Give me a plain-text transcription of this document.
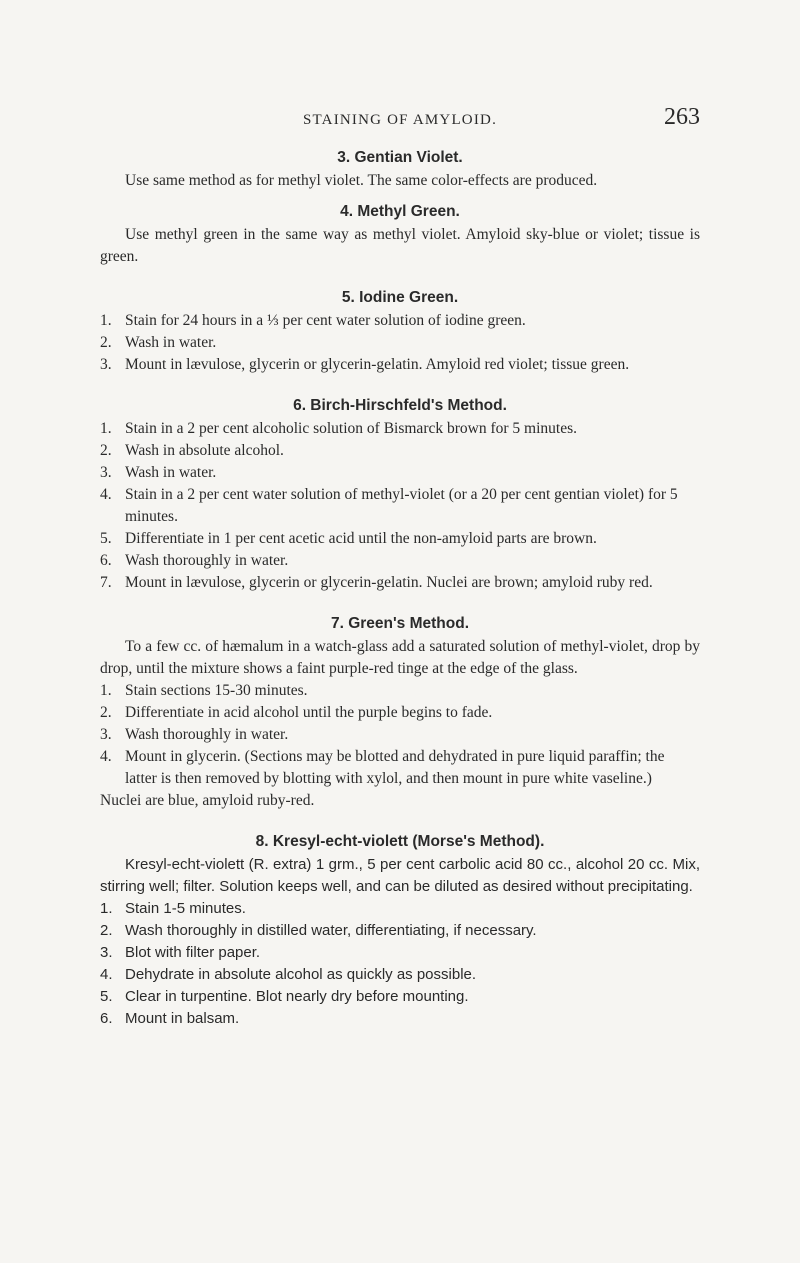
STAINING OF AMYLOID.	263
3. Gentian Violet.

Use same method as for methyl violet. The same color-effects are produced.

4. Methyl Green.

Use methyl green in the same way as methyl violet. Amyloid sky-blue or violet; tissue is green.

5. Iodine Green.
1 .	Stain for 24 hours in a ⅓ per cent water solution of iodine green.
2 .	Wash in water.
3 .	Mount in lævulose, glycerin or glycerin-gelatin. Amyloid red violet; tissue green.
6. Birch-Hirschfeld's Method.
1 .	Stain in a 2 per cent alcoholic solution of Bismarck brown for 5 minutes.
2 .	Wash in absolute alcohol.
3 .	Wash in water.
4 .	Stain in a 2 per cent water solution of methyl-violet (or a 20 per cent gentian violet) for 5 minutes.
5 .	Differentiate in 1 per cent acetic acid until the non-amyloid parts are brown.
6 .	Wash thoroughly in water.
7 .	Mount in lævulose, glycerin or glycerin-gelatin. Nuclei are brown; amyloid ruby red.
7. Green's Method.

To a few cc. of hæmalum in a watch-glass add a saturated solution of methyl-violet, drop by drop, until the mixture shows a faint purple-red tinge at the edge of the glass.

1 .	Stain sections 15-30 minutes.
2 .	Differentiate in acid alcohol until the purple begins to fade.
3 .	Wash thoroughly in water.
4 .	Mount in glycerin. (Sections may be blotted and dehydrated in pure liquid paraffin; the latter is then removed by blotting with xylol, and then mount in pure white vaseline.)

Nuclei are blue, amyloid ruby-red.

8. Kresyl-echt-violett (Morse's Method).

Kresyl-echt-violett (R. extra) 1 grm., 5 per cent carbolic acid 80 cc., alcohol 20 cc. Mix, stirring well; filter. Solution keeps well, and can be diluted as desired without precipitating.

1 .	Stain 1-5 minutes.
2 .	Wash thoroughly in distilled water, differentiating, if necessary.
3 .	Blot with filter paper.
4 .	Dehydrate in absolute alcohol as quickly as possible.
5 .	Clear in turpentine. Blot nearly dry before mounting.
6 .	Mount in balsam.
